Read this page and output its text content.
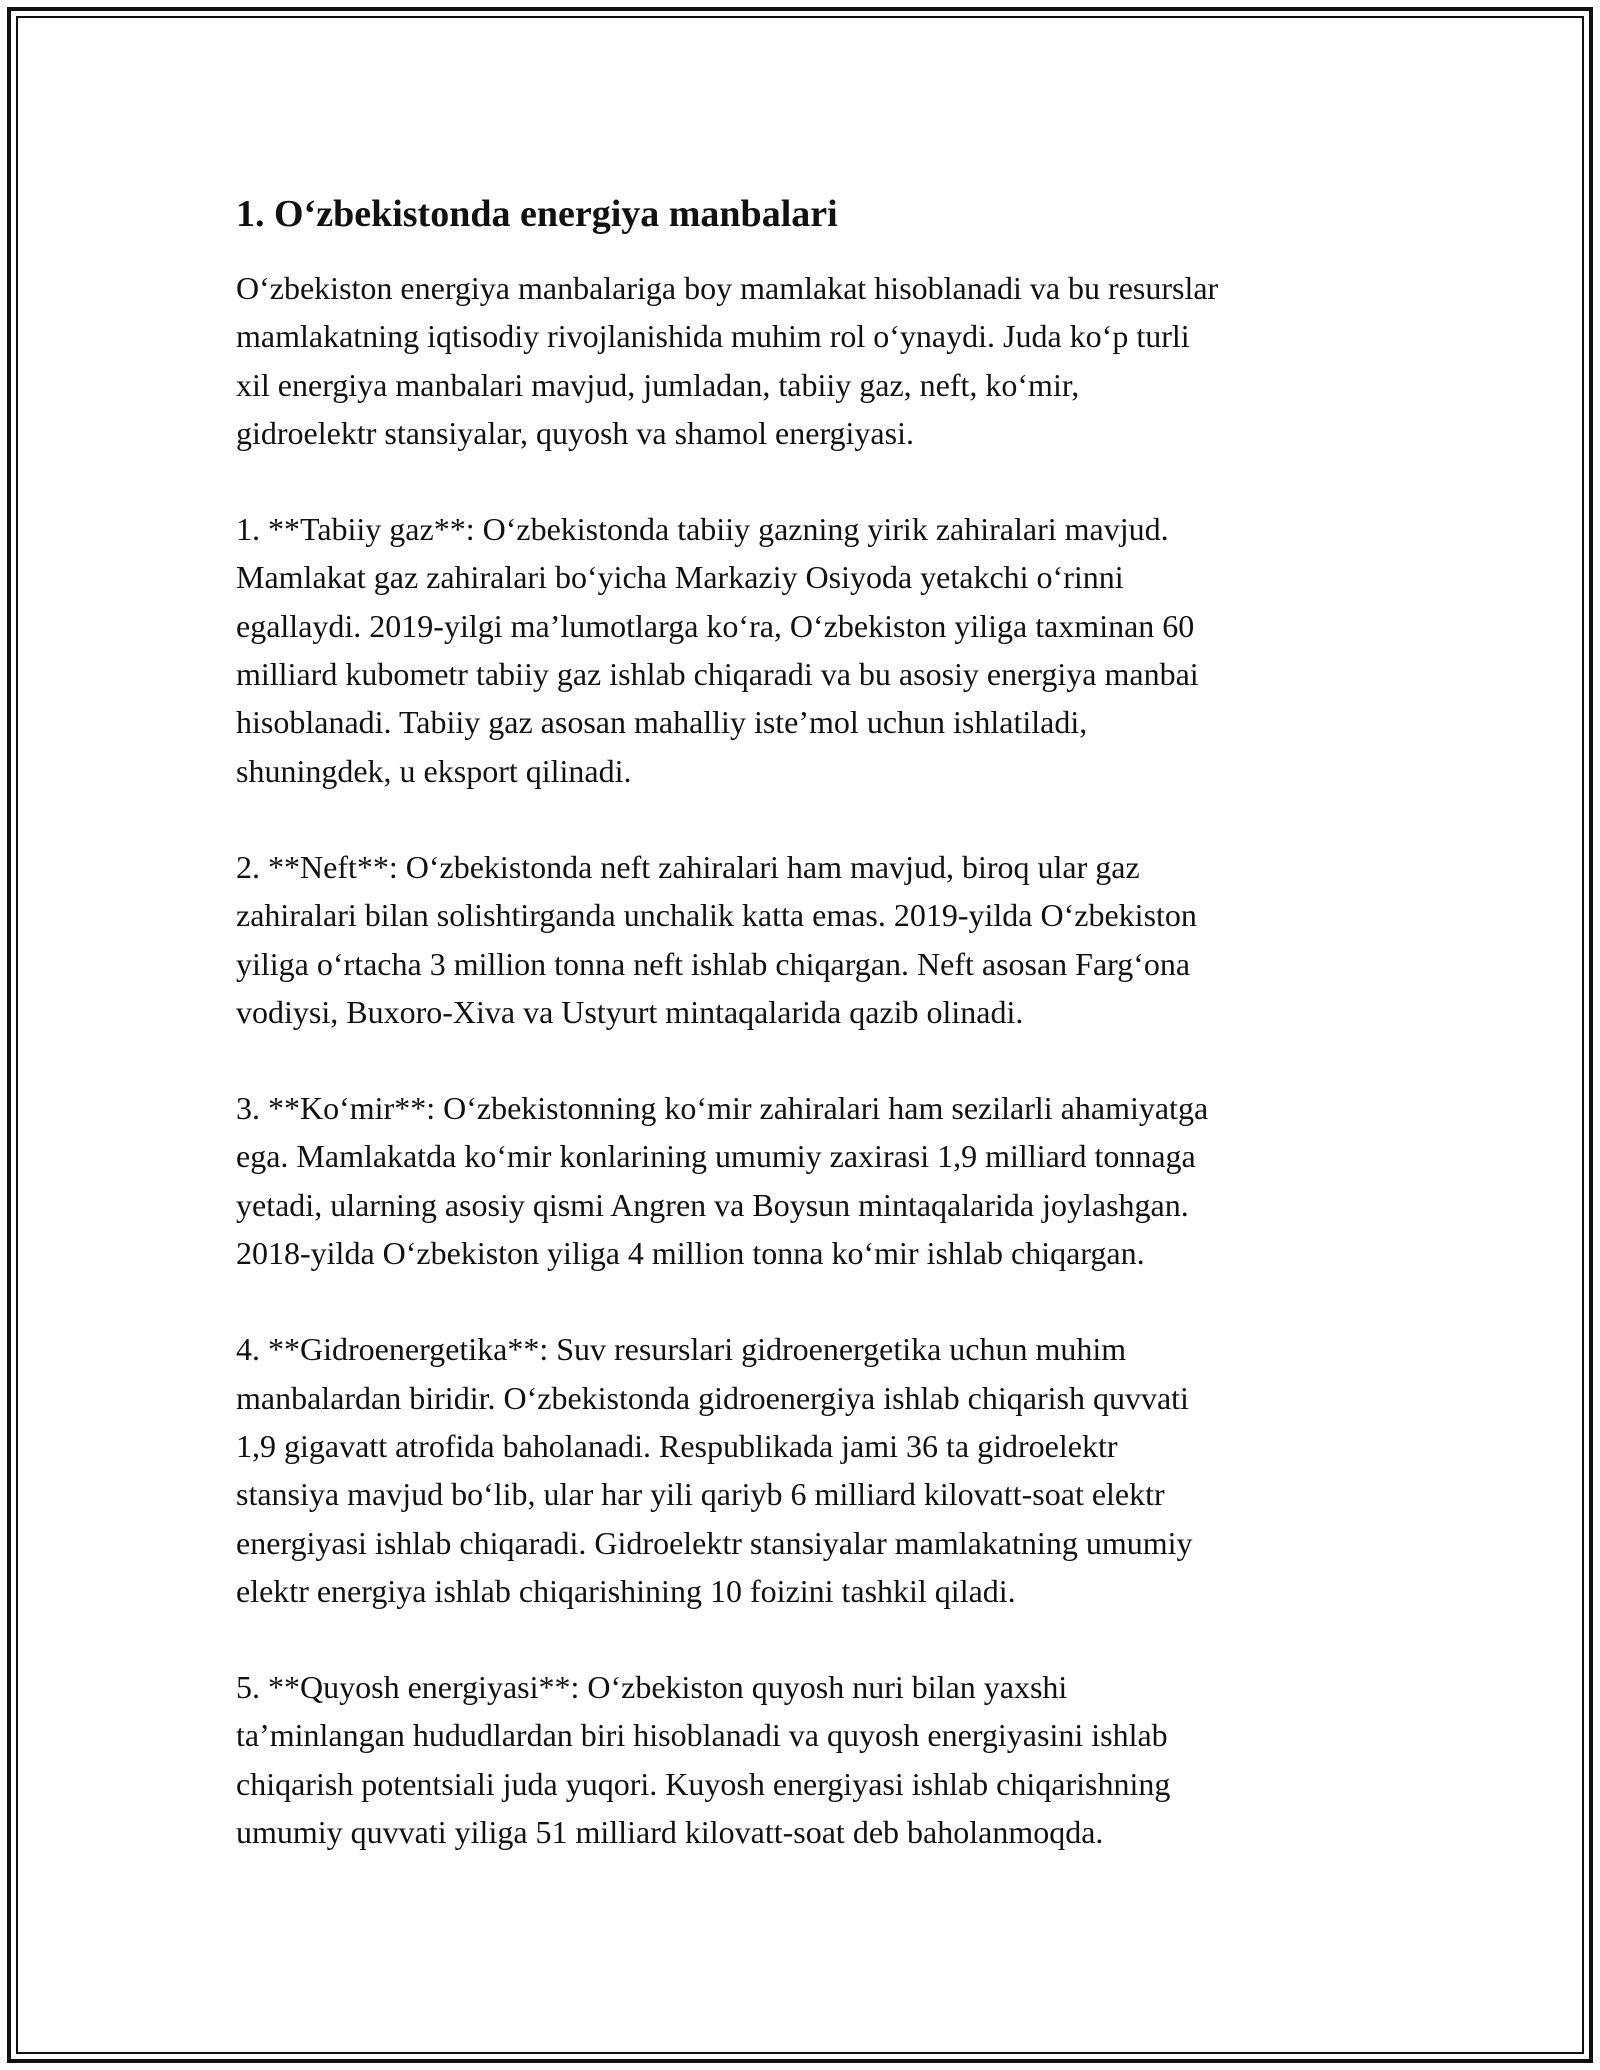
1. O‘zbekistonda energiya manbalari

O‘zbekiston energiya manbalariga boy mamlakat hisoblanadi va bu resurslar
mamlakatning iqtisodiy rivojlanishida muhim rol o‘ynaydi. Juda ko‘p turli
xil energiya manbalari mavjud, jumladan, tabiiy gaz, neft, ko‘mir,
gidroelektr stansiyalar, quyosh va shamol energiyasi.

1. **Tabiiy gaz**: O‘zbekistonda tabiiy gazning yirik zahiralari mavjud.
Mamlakat gaz zahiralari bo‘yicha Markaziy Osiyoda yetakchi o‘rinni
egallaydi. 2019-yilgi ma’lumotlarga ko‘ra, O‘zbekiston yiliga taxminan 60
milliard kubometr tabiiy gaz ishlab chiqaradi va bu asosiy energiya manbai
hisoblanadi. Tabiiy gaz asosan mahalliy iste’mol uchun ishlatiladi,
shuningdek, u eksport qilinadi.

2. **Neft**: O‘zbekistonda neft zahiralari ham mavjud, biroq ular gaz
zahiralari bilan solishtirganda unchalik katta emas. 2019-yilda O‘zbekiston
yiliga o‘rtacha 3 million tonna neft ishlab chiqargan. Neft asosan Farg‘ona
vodiysi, Buxoro-Xiva va Ustyurt mintaqalarida qazib olinadi.

3. **Ko‘mir**: O‘zbekistonning ko‘mir zahiralari ham sezilarli ahamiyatga
ega. Mamlakatda ko‘mir konlarining umumiy zaxirasi 1,9 milliard tonnaga
yetadi, ularning asosiy qismi Angren va Boysun mintaqalarida joylashgan.
2018-yilda O‘zbekiston yiliga 4 million tonna ko‘mir ishlab chiqargan.

4. **Gidroenergetika**: Suv resurslari gidroenergetika uchun muhim
manbalardan biridir. O‘zbekistonda gidroenergiya ishlab chiqarish quvvati
1,9 gigavatt atrofida baholanadi. Respublikada jami 36 ta gidroelektr
stansiya mavjud bo‘lib, ular har yili qariyb 6 milliard kilovatt-soat elektr
energiyasi ishlab chiqaradi. Gidroelektr stansiyalar mamlakatning umumiy
elektr energiya ishlab chiqarishining 10 foizini tashkil qiladi.

5. **Quyosh energiyasi**: O‘zbekiston quyosh nuri bilan yaxshi
ta’minlangan hududlardan biri hisoblanadi va quyosh energiyasini ishlab
chiqarish potentsiali juda yuqori. Kuyosh energiyasi ishlab chiqarishning
umumiy quvvati yiliga 51 milliard kilovatt-soat deb baholanmoqda.
